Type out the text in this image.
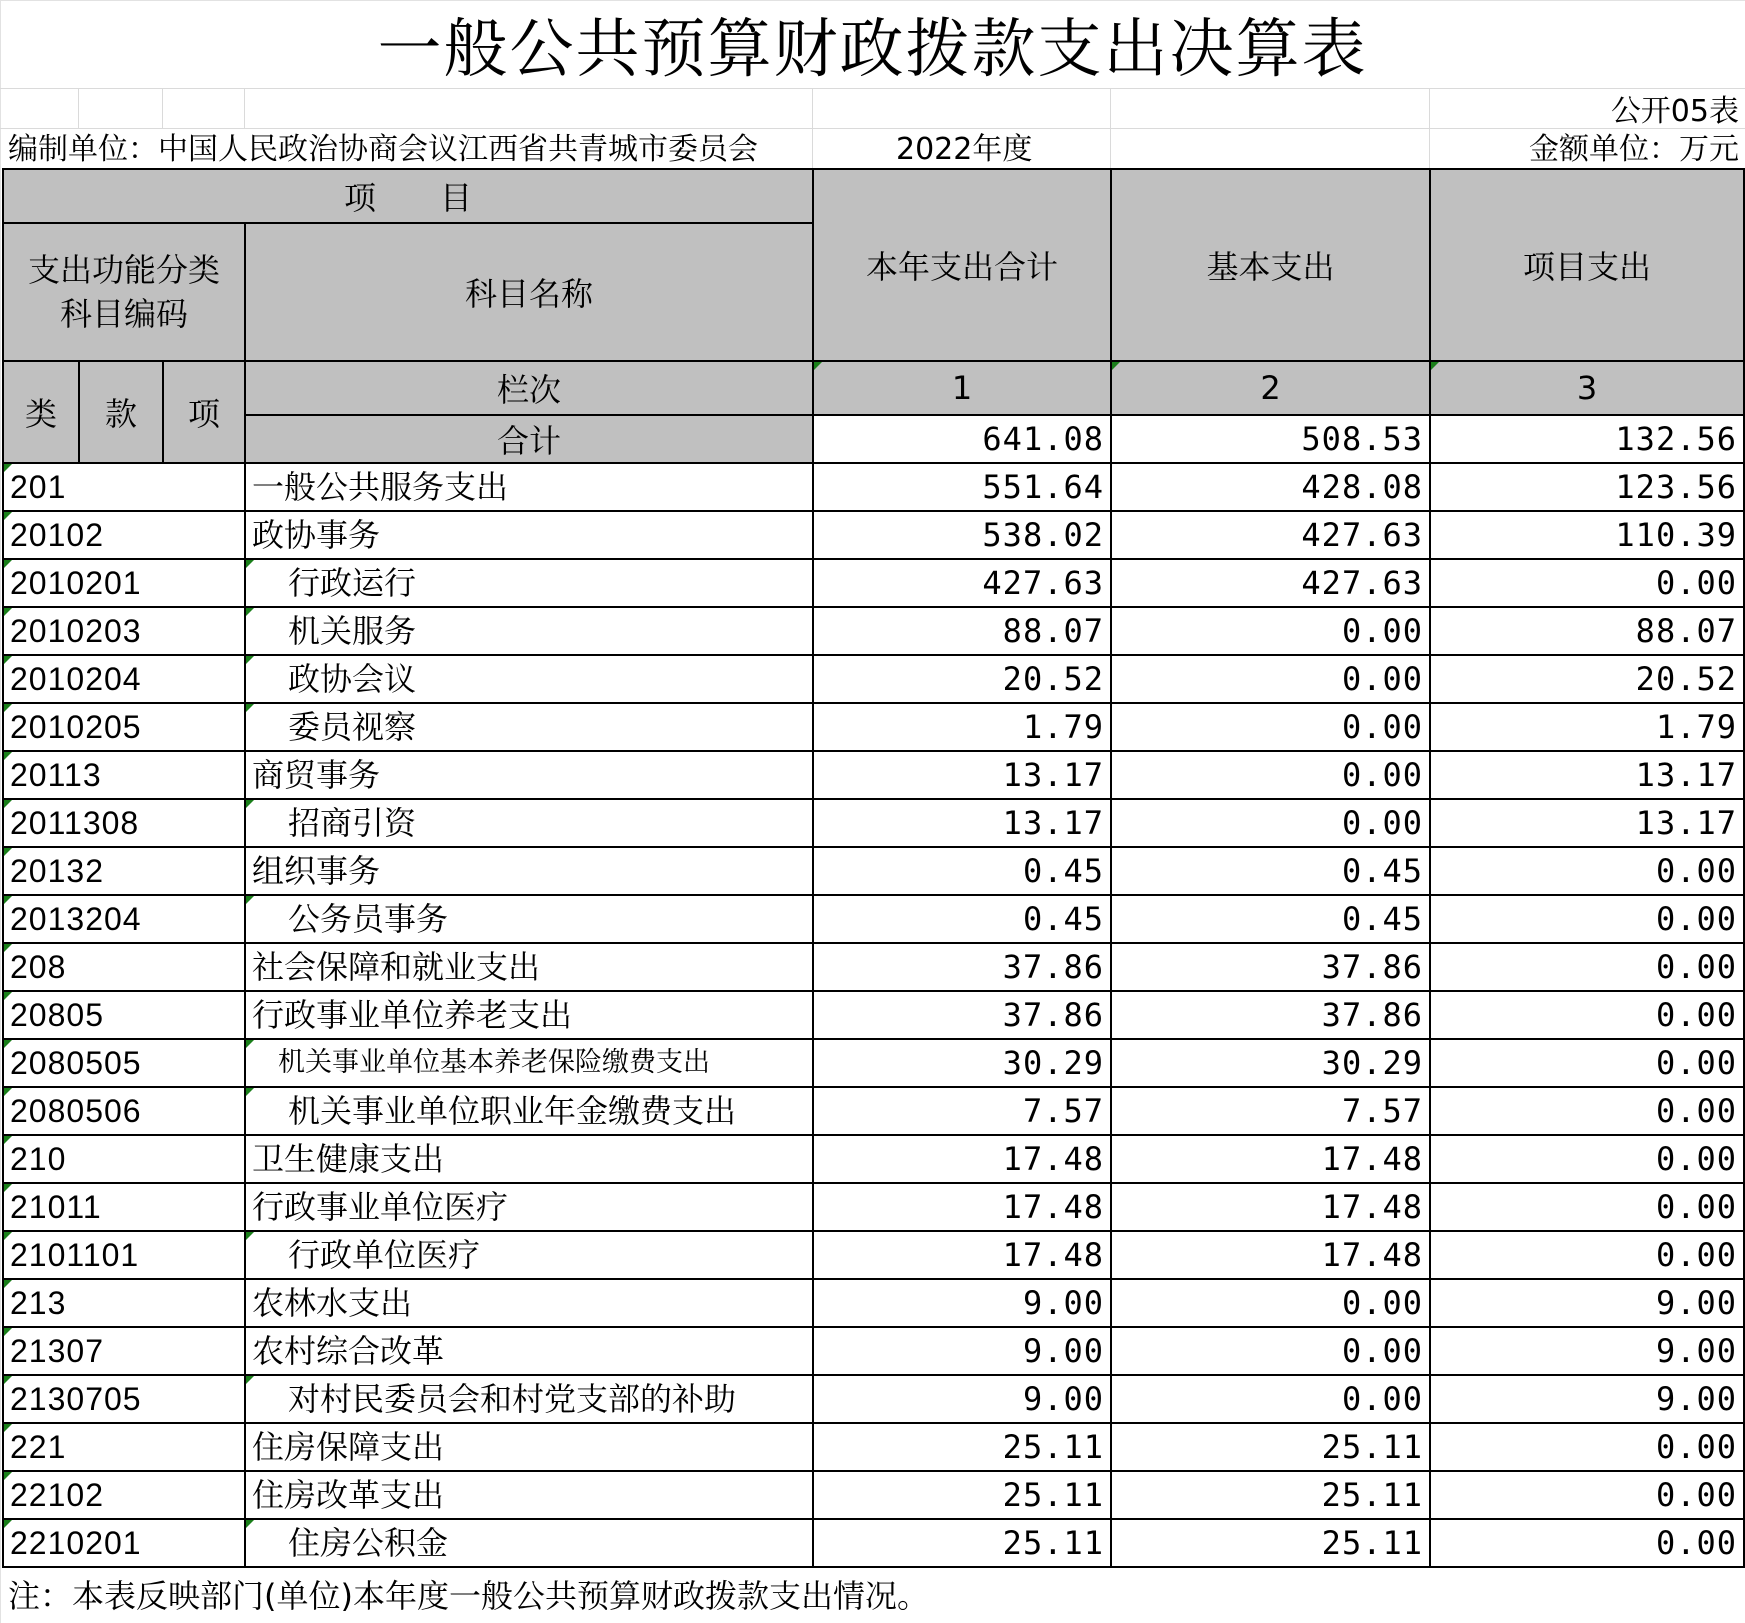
一般公共预算财政拨款支出决算表
公开05表
编制单位：中国人民政治协商会议江西省共青城市委员会	2022年度	金额单位：万元
项　　目				本年支出合计	基本支出	项目支出
支出功能分类
科目编码			科目名称			
类	款	项	栏次	1	2	3
			合计	641.08	508.53	132.56
201			一般公共服务支出	551.64	428.08	123.56
20102			政协事务	538.02	427.63	110.39
2010201			行政运行	427.63	427.63	0.00
2010203			机关服务	88.07	0.00	88.07
2010204			政协会议	20.52	0.00	20.52
2010205			委员视察	1.79	0.00	1.79
20113			商贸事务	13.17	0.00	13.17
2011308			招商引资	13.17	0.00	13.17
20132			组织事务	0.45	0.45	0.00
2013204			公务员事务	0.45	0.45	0.00
208			社会保障和就业支出	37.86	37.86	0.00
20805			行政事业单位养老支出	37.86	37.86	0.00
2080505			机关事业单位基本养老保险缴费支出	30.29	30.29	0.00
2080506			机关事业单位职业年金缴费支出	7.57	7.57	0.00
210			卫生健康支出	17.48	17.48	0.00
21011			行政事业单位医疗	17.48	17.48	0.00
2101101			行政单位医疗	17.48	17.48	0.00
213			农林水支出	9.00	0.00	9.00
21307			农村综合改革	9.00	0.00	9.00
2130705			对村民委员会和村党支部的补助	9.00	0.00	9.00
221			住房保障支出	25.11	25.11	0.00
22102			住房改革支出	25.11	25.11	0.00
2210201			住房公积金	25.11	25.11	0.00
注：本表反映部门(单位)本年度一般公共预算财政拨款支出情况。
